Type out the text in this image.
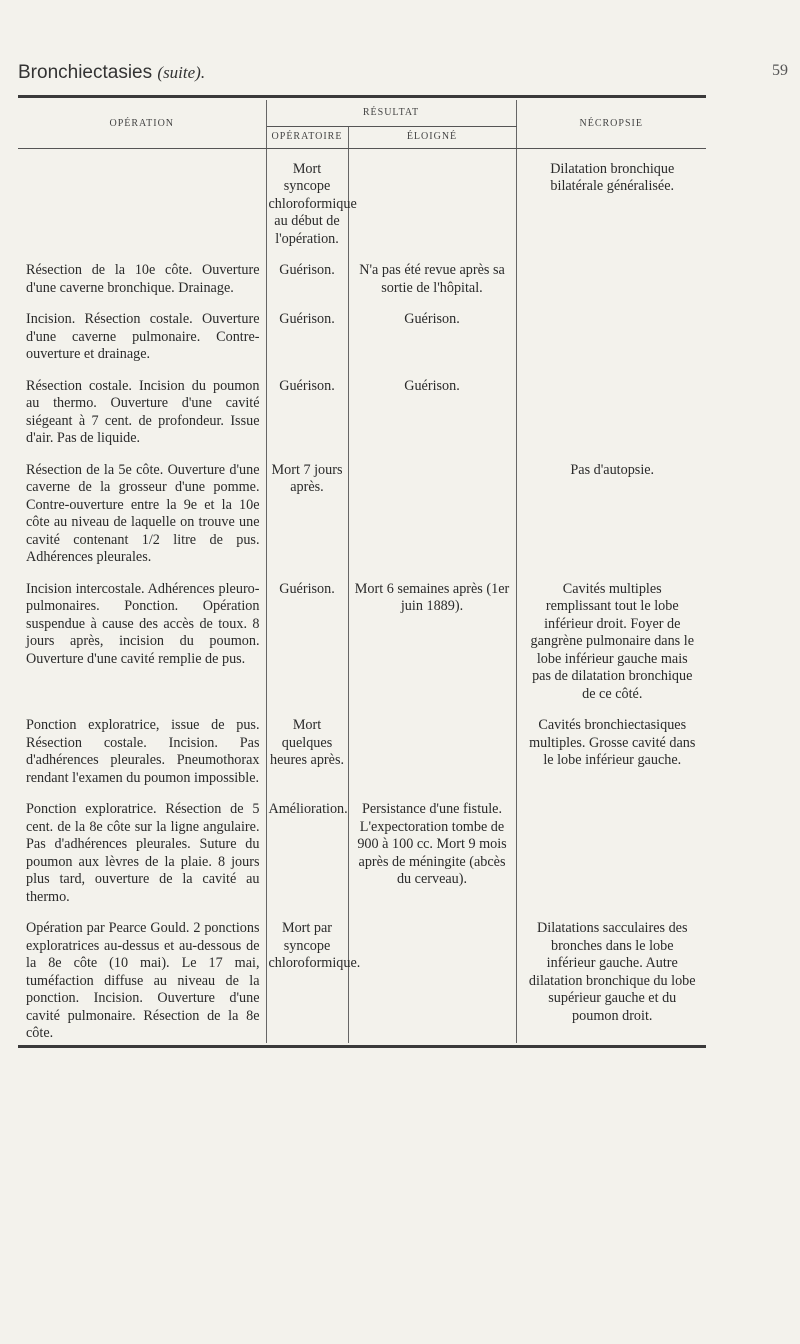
Bronchiectasies (suite).	59
OPÉRATION	RÉSULTAT		NÉCROPSIE
	OPÉRATOIRE	ÉLOIGNÉ	
	Mort syncope chloroformique au début de l'opération.		Dilatation bronchique bilatérale généralisée.
Résection de la 10e côte. Ouverture d'une caverne bronchique. Drainage.	Guérison.	N'a pas été revue après sa sortie de l'hôpital.	
Incision. Résection costale. Ouverture d'une caverne pulmonaire. Contre-ouverture et drainage.	Guérison.	Guérison.	
Résection costale. Incision du poumon au thermo. Ouverture d'une cavité siégeant à 7 cent. de profondeur. Issue d'air. Pas de liquide.	Guérison.	Guérison.	
Résection de la 5e côte. Ouverture d'une caverne de la grosseur d'une pomme. Contre-ouverture entre la 9e et la 10e côte au niveau de laquelle on trouve une cavité contenant 1/2 litre de pus. Adhérences pleurales.	Mort 7 jours après.		Pas d'autopsie.
Incision intercostale. Adhérences pleuro-pulmonaires. Ponction. Opération suspendue à cause des accès de toux. 8 jours après, incision du poumon. Ouverture d'une cavité remplie de pus.	Guérison.	Mort 6 semaines après (1er juin 1889).	Cavités multiples remplissant tout le lobe inférieur droit. Foyer de gangrène pulmonaire dans le lobe inférieur gauche mais pas de dilatation bronchique de ce côté.
Ponction exploratrice, issue de pus. Résection costale. Incision. Pas d'adhérences pleurales. Pneumothorax rendant l'examen du poumon impossible.	Mort quelques heures après.		Cavités bronchiectasiques multiples. Grosse cavité dans le lobe inférieur gauche.
Ponction exploratrice. Résection de 5 cent. de la 8e côte sur la ligne angulaire. Pas d'adhérences pleurales. Suture du poumon aux lèvres de la plaie. 8 jours plus tard, ouverture de la cavité au thermo.	Amélioration.	Persistance d'une fistule. L'expectoration tombe de 900 à 100 cc. Mort 9 mois après de méningite (abcès du cerveau).	
Opération par Pearce Gould. 2 ponctions exploratrices au-dessus et au-dessous de la 8e côte (10 mai). Le 17 mai, tuméfaction diffuse au niveau de la ponction. Incision. Ouverture d'une cavité pulmonaire. Résection de la 8e côte.	Mort par syncope chloroformique.		Dilatations sacculaires des bronches dans le lobe inférieur gauche. Autre dilatation bronchique du lobe supérieur gauche et du poumon droit.
